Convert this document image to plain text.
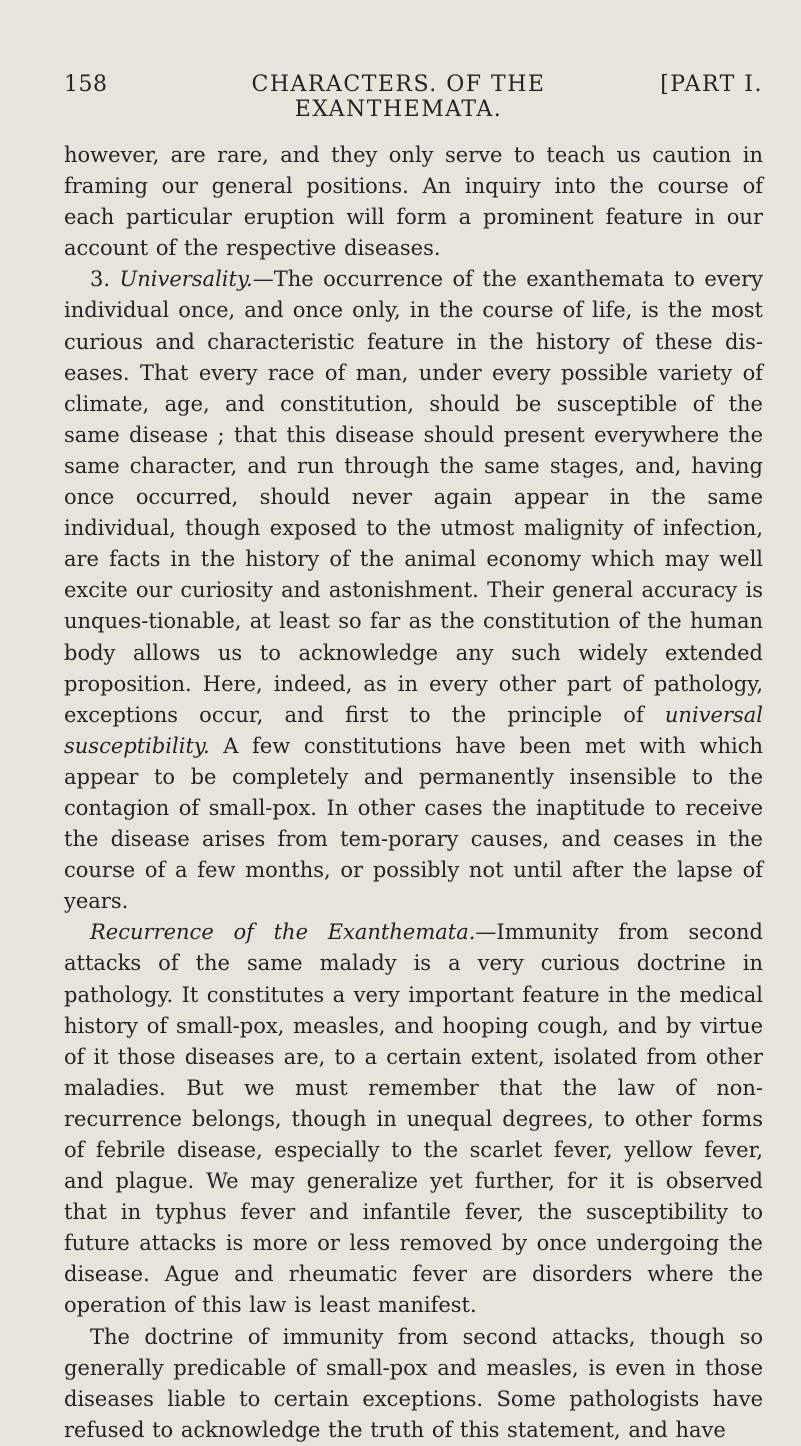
158	CHARACTERS. OF THE EXANTHEMATA.
[PART I.

however, are rare, and they only serve to teach us caution in framing our general positions. An inquiry into the course of each particular eruption will form a prominent feature in our account of the respective diseases.

3. Universality.—The occurrence of the exanthemata to every individual once, and once only, in the course of life, is the most curious and characteristic feature in the history of these dis-eases. That every race of man, under every possible variety of climate, age, and constitution, should be susceptible of the same disease ; that this disease should present everywhere the same character, and run through the same stages, and, having once occurred, should never again appear in the same individual, though exposed to the utmost malignity of infection, are facts in the history of the animal economy which may well excite our curiosity and astonishment. Their general accuracy is unques-tionable, at least so far as the constitution of the human body allows us to acknowledge any such widely extended proposition. Here, indeed, as in every other part of pathology, exceptions occur, and first to the principle of universal susceptibility. A few constitutions have been met with which appear to be completely and permanently insensible to the contagion of small-pox. In other cases the inaptitude to receive the disease arises from tem-porary causes, and ceases in the course of a few months, or possibly not until after the lapse of years.

Recurrence of the Exanthemata.—Immunity from second attacks of the same malady is a very curious doctrine in pathology. It constitutes a very important feature in the medical history of small-pox, measles, and hooping cough, and by virtue of it those diseases are, to a certain extent, isolated from other maladies. But we must remember that the law of non-recurrence belongs, though in unequal degrees, to other forms of febrile disease, especially to the scarlet fever, yellow fever, and plague. We may generalize yet further, for it is observed that in typhus fever and infantile fever, the susceptibility to future attacks is more or less removed by once undergoing the disease. Ague and rheumatic fever are disorders where the operation of this law is least manifest.

The doctrine of immunity from second attacks, though so generally predicable of small-pox and measles, is even in those diseases liable to certain exceptions. Some pathologists have refused to acknowledge the truth of this statement, and have
